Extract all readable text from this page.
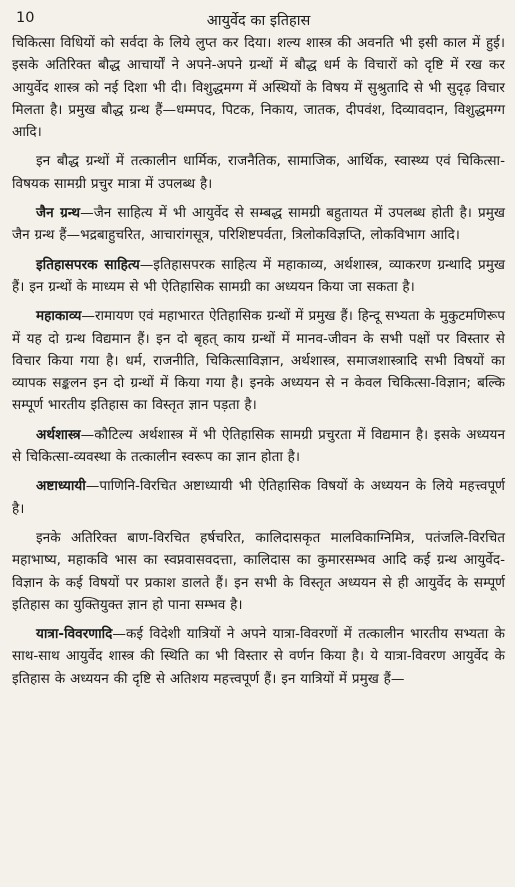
10	आयुर्वेद का इतिहास

चिकित्सा विधियों को सर्वदा के लिये लुप्त कर दिया। शल्य शास्त्र की अवनति भी इसी काल में हुई। इसके अतिरिक्त बौद्ध आचार्यों ने अपने-अपने ग्रन्थों में बौद्ध धर्म के विचारों को दृष्टि में रख कर आयुर्वेद शास्त्र को नई दिशा भी दी। विशुद्धमग्ग में अस्थियों के विषय में सुश्रुतादि से भी सुदृढ़ विचार मिलता है। प्रमुख बौद्ध ग्रन्थ हैं—धम्मपद, पिटक, निकाय, जातक, दीपवंश, दिव्यावदान, विशुद्धमग्ग आदि।

इन बौद्ध ग्रन्थों में तत्कालीन धार्मिक, राजनैतिक, सामाजिक, आर्थिक, स्वास्थ्य एवं चिकित्सा-विषयक सामग्री प्रचुर मात्रा में उपलब्ध है।

जैन ग्रन्थ—जैन साहित्य में भी आयुर्वेद से सम्बद्ध सामग्री बहुतायत में उपलब्ध होती है। प्रमुख जैन ग्रन्थ हैं—भद्रबाहुचरित, आचारांगसूत्र, परिशिष्टपर्वता, त्रिलोकविज्ञप्ति, लोकविभाग आदि।

इतिहासपरक साहित्य—इतिहासपरक साहित्य में महाकाव्य, अर्थशास्त्र, व्याकरण ग्रन्थादि प्रमुख हैं। इन ग्रन्थों के माध्यम से भी ऐतिहासिक सामग्री का अध्ययन किया जा सकता है।

महाकाव्य—रामायण एवं महाभारत ऐतिहासिक ग्रन्थों में प्रमुख हैं। हिन्दू सभ्यता के मुकुटमणिरूप में यह दो ग्रन्थ विद्यमान हैं। इन दो बृहत् काय ग्रन्थों में मानव-जीवन के सभी पक्षों पर विस्तार से विचार किया गया है। धर्म, राजनीति, चिकित्साविज्ञान, अर्थशास्त्र, समाजशास्त्रादि सभी विषयों का व्यापक सङ्कलन इन दो ग्रन्थों में किया गया है। इनके अध्ययन से न केवल चिकित्सा-विज्ञान; बल्कि सम्पूर्ण भारतीय इतिहास का विस्तृत ज्ञान पड़ता है।

अर्थशास्त्र—कौटिल्य अर्थशास्त्र में भी ऐतिहासिक सामग्री प्रचुरता में विद्यमान है। इसके अध्ययन से चिकित्सा-व्यवस्था के तत्कालीन स्वरूप का ज्ञान होता है।

अष्टाध्यायी—पाणिनि-विरचित अष्टाध्यायी भी ऐतिहासिक विषयों के अध्ययन के लिये महत्त्वपूर्ण है।

इनके अतिरिक्त बाण-विरचित हर्षचरित, कालिदासकृत मालविकाग्निमित्र, पतंजलि-विरचित महाभाष्य, महाकवि भास का स्वप्नवासवदत्ता, कालिदास का कुमारसम्भव आदि कई ग्रन्थ आयुर्वेद-विज्ञान के कई विषयों पर प्रकाश डालते हैं। इन सभी के विस्तृत अध्ययन से ही आयुर्वेद के सम्पूर्ण इतिहास का युक्तियुक्त ज्ञान हो पाना सम्भव है।

यात्रा-विवरणादि—कई विदेशी यात्रियों ने अपने यात्रा-विवरणों में तत्कालीन भारतीय सभ्यता के साथ-साथ आयुर्वेद शास्त्र की स्थिति का भी विस्तार से वर्णन किया है। ये यात्रा-विवरण आयुर्वेद के इतिहास के अध्ययन की दृष्टि से अतिशय महत्त्वपूर्ण हैं। इन यात्रियों में प्रमुख हैं—
